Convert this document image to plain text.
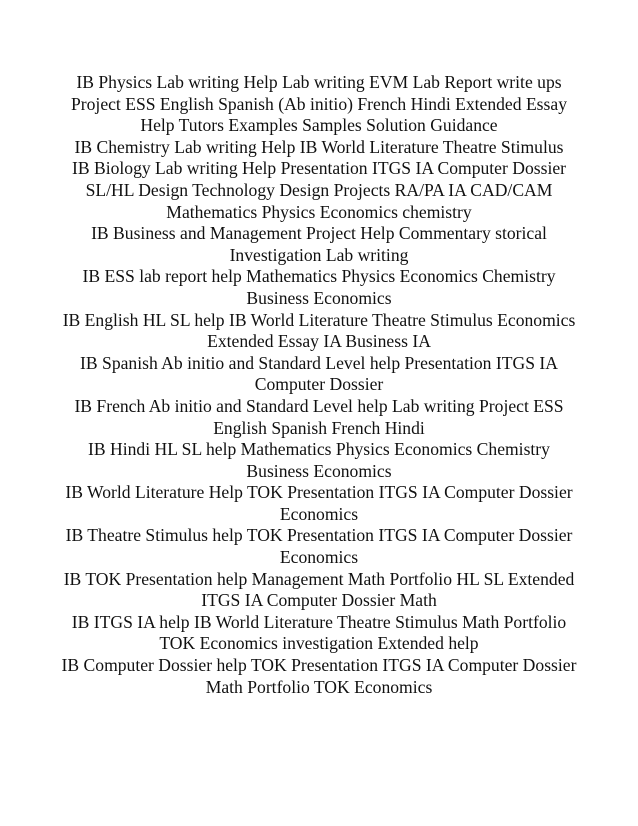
IB Physics Lab writing Help Lab writing EVM Lab Report write ups Project ESS English Spanish (Ab initio) French Hindi Extended Essay Help Tutors Examples Samples Solution Guidance

IB Chemistry Lab writing Help IB World Literature Theatre Stimulus

IB Biology Lab writing Help Presentation ITGS IA Computer Dossier SL/HL Design Technology Design Projects RA/PA IA CAD/CAM Mathematics Physics Economics chemistry

IB Business and Management Project Help Commentary storical Investigation Lab writing

IB ESS lab report help Mathematics Physics Economics Chemistry Business Economics

IB English HL SL help IB World Literature Theatre Stimulus Economics Extended Essay IA Business IA

IB Spanish Ab initio and Standard Level help Presentation ITGS IA Computer Dossier

IB French Ab initio and Standard Level help Lab writing Project ESS English Spanish French Hindi

IB Hindi HL SL help Mathematics Physics Economics Chemistry Business Economics

IB World Literature Help TOK Presentation ITGS IA Computer Dossier Economics

IB Theatre Stimulus help TOK Presentation ITGS IA Computer Dossier Economics

IB TOK Presentation help Management Math Portfolio HL SL Extended ITGS IA Computer Dossier Math

IB ITGS IA help IB World Literature Theatre Stimulus Math Portfolio TOK Economics investigation Extended help

IB Computer Dossier help TOK Presentation ITGS IA Computer Dossier Math Portfolio TOK Economics
